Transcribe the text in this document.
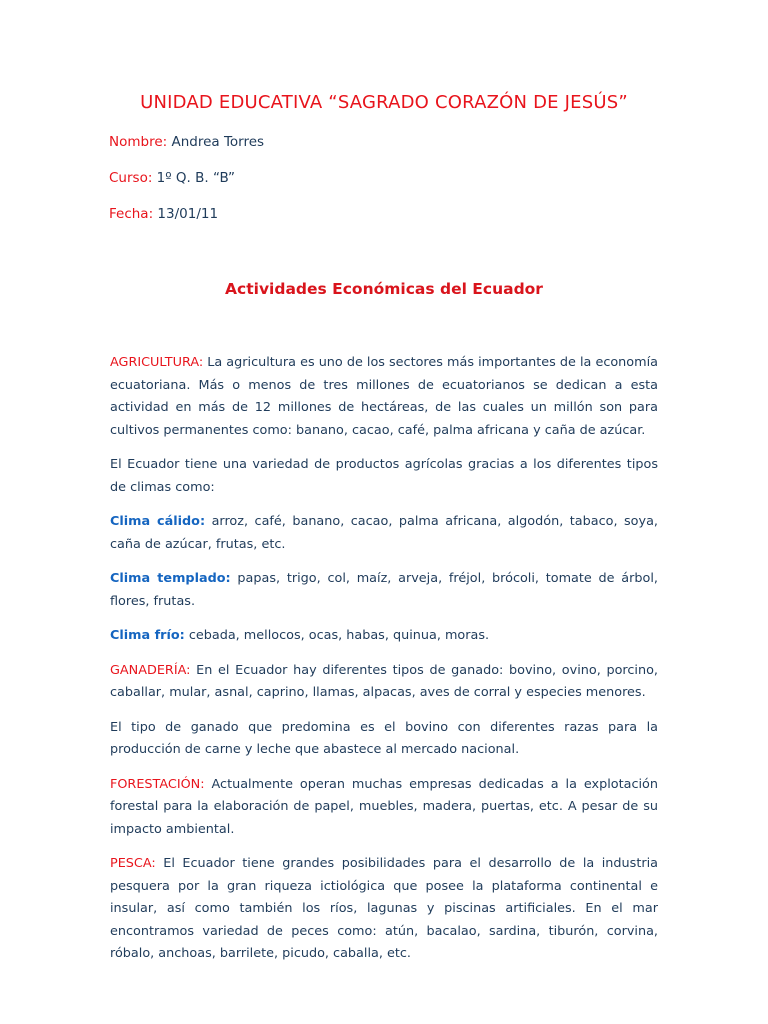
UNIDAD EDUCATIVA “SAGRADO CORAZÓN DE JESÚS”
Nombre: Andrea Torres
Curso: 1º Q. B. “B”
Fecha: 13/01/11
Actividades Económicas del Ecuador

AGRICULTURA: La agricultura es uno de los sectores más importantes de la economía ecuatoriana. Más o menos de tres millones de ecuatorianos se dedican a esta actividad en más de 12 millones de hectáreas, de las cuales un millón son para cultivos permanentes como: banano, cacao, café, palma africana y caña de azúcar.

El Ecuador tiene una variedad de productos agrícolas gracias a los diferentes tipos de climas como:

Clima cálido: arroz, café, banano, cacao, palma africana, algodón, tabaco, soya, caña de azúcar, frutas, etc.

Clima templado: papas, trigo, col, maíz, arveja, fréjol, brócoli, tomate de árbol, flores, frutas.

Clima frío: cebada, mellocos, ocas, habas, quinua, moras.

GANADERÍA: En el Ecuador hay diferentes tipos de ganado: bovino, ovino, porcino, caballar, mular, asnal, caprino, llamas, alpacas, aves de corral y especies menores.

El tipo de ganado que predomina es el bovino con diferentes razas para la producción de carne y leche que abastece al mercado nacional.

FORESTACIÓN: Actualmente operan muchas empresas dedicadas a la explotación forestal para la elaboración de papel, muebles, madera, puertas, etc. A pesar de su impacto ambiental.

PESCA: El Ecuador tiene grandes posibilidades para el desarrollo de la industria pesquera por la gran riqueza ictiológica que posee la plataforma continental e insular, así como también los ríos, lagunas y piscinas artificiales. En el mar encontramos variedad de peces como: atún, bacalao, sardina, tiburón, corvina, róbalo, anchoas, barrilete, picudo, caballa, etc.
